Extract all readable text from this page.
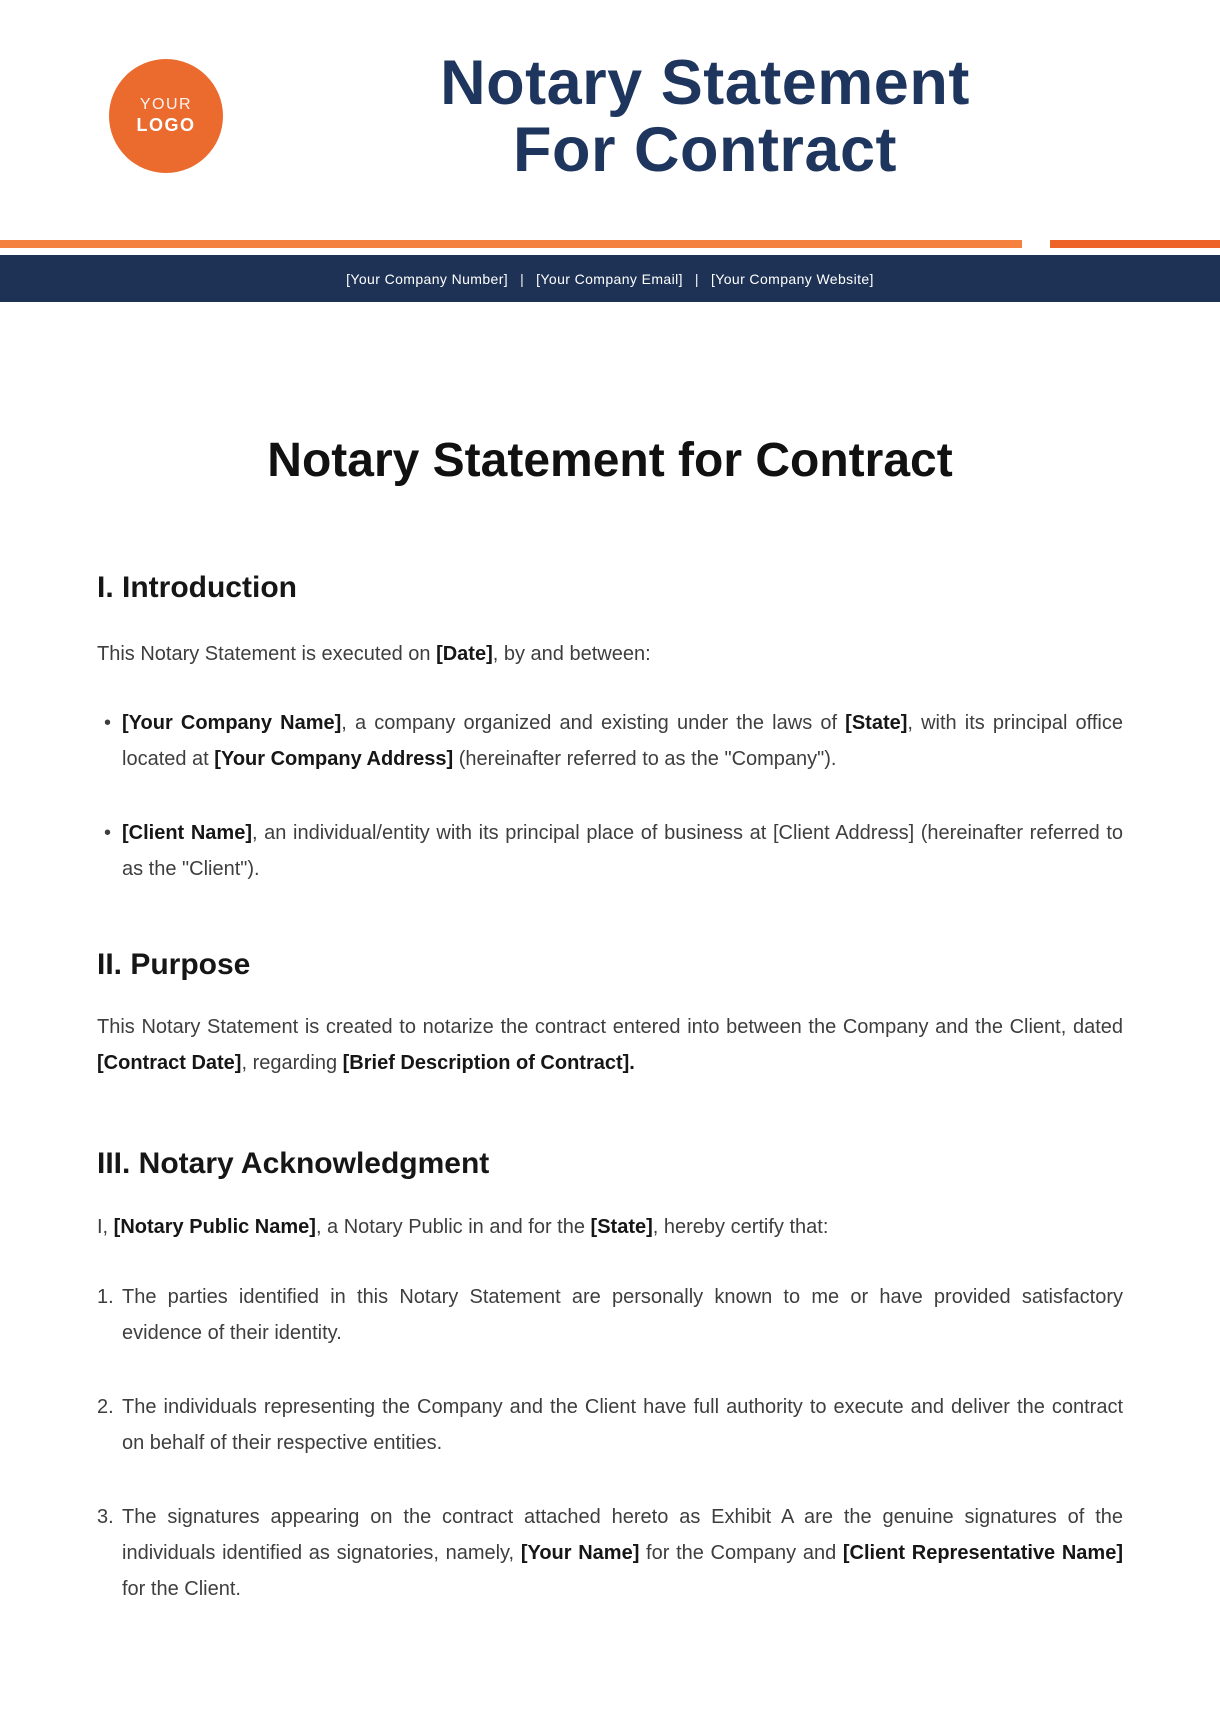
YOUR
LOGO
Notary Statement
For Contract
[Your Company Number] | [Your Company Email] | [Your Company Website]
Notary Statement for Contract
I. Introduction

This Notary Statement is executed on [Date], by and between:

• [Your Company Name], a company organized and existing under the laws of [State], with its principal office located at [Your Company Address] (hereinafter referred to as the "Company").
• [Client Name], an individual/entity with its principal place of business at [Client Address] (hereinafter referred to as the "Client").
II. Purpose

This Notary Statement is created to notarize the contract entered into between the Company and the Client, dated [Contract Date], regarding [Brief Description of Contract].

III. Notary Acknowledgment

I, [Notary Public Name], a Notary Public in and for the [State], hereby certify that:

1. The parties identified in this Notary Statement are personally known to me or have provided satisfactory evidence of their identity.
2. The individuals representing the Company and the Client have full authority to execute and deliver the contract on behalf of their respective entities.
3. The signatures appearing on the contract attached hereto as Exhibit A are the genuine signatures of the individuals identified as signatories, namely, [Your Name] for the Company and [Client Representative Name] for the Client.
